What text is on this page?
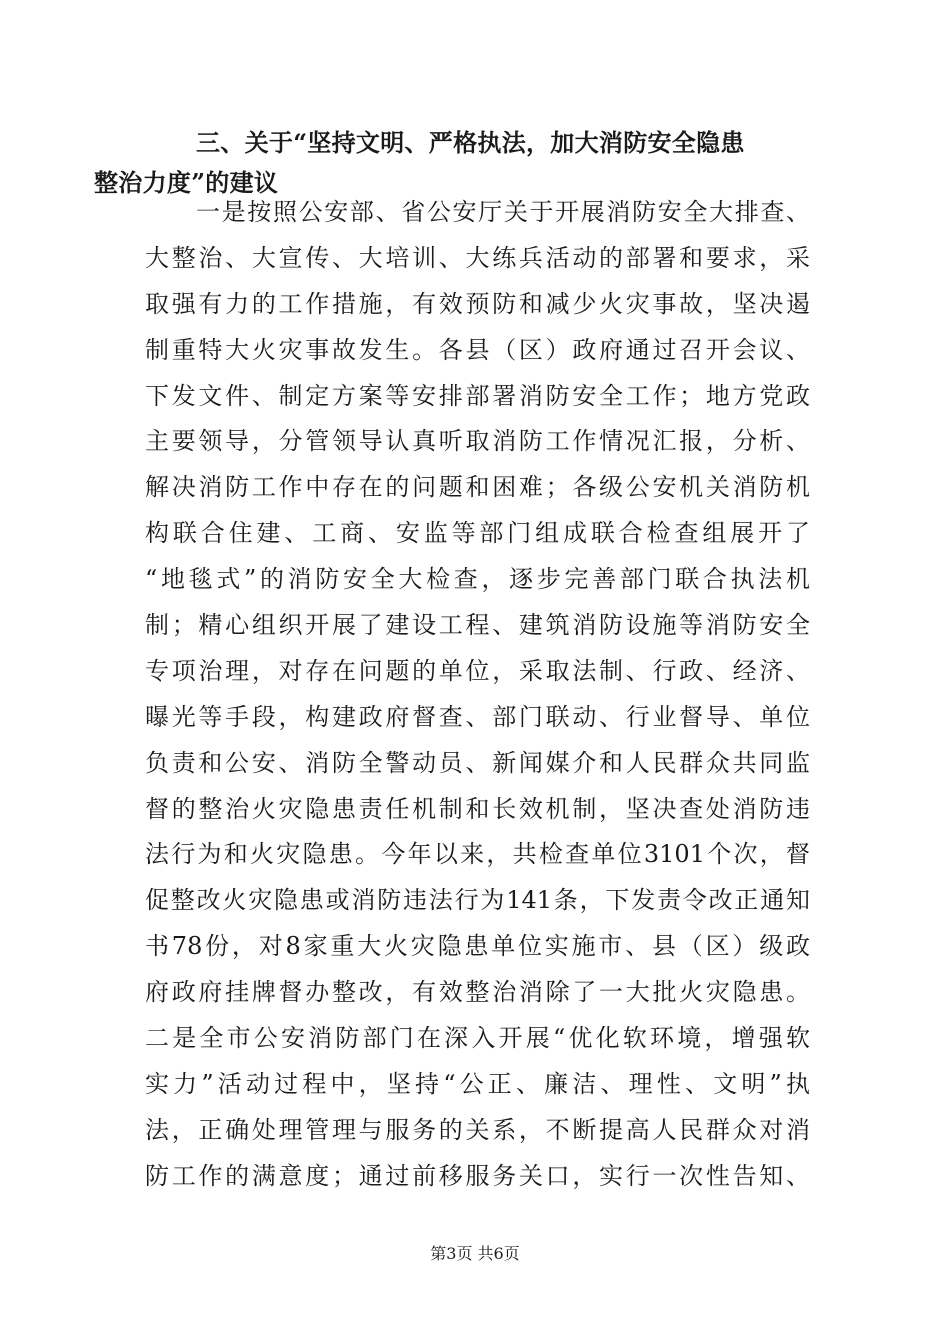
三、关于“坚持文明、严格执法，加大消防安全隐患
整治力度”的建议
一是按照公安部、省公安厅关于开展消防安全大排查、
大整治、大宣传、大培训、大练兵活动的部署和要求，采
取强有力的工作措施，有效预防和减少火灾事故，坚决遏
制重特大火灾事故发生。各县（区）政府通过召开会议、
下发文件、制定方案等安排部署消防安全工作；地方党政
主要领导，分管领导认真听取消防工作情况汇报，分析、
解决消防工作中存在的问题和困难；各级公安机关消防机
构联合住建、工商、安监等部门组成联合检查组展开了
“地毯式”的消防安全大检查，逐步完善部门联合执法机
制；精心组织开展了建设工程、建筑消防设施等消防安全
专项治理，对存在问题的单位，采取法制、行政、经济、
曝光等手段，构建政府督查、部门联动、行业督导、单位
负责和公安、消防全警动员、新闻媒介和人民群众共同监
督的整治火灾隐患责任机制和长效机制，坚决查处消防违
法行为和火灾隐患。今年以来，共检查单位3101个次，督
促整改火灾隐患或消防违法行为141条，下发责令改正通知
书78份，对8家重大火灾隐患单位实施市、县（区）级政
府政府挂牌督办整改，有效整治消除了一大批火灾隐患。
二是全市公安消防部门在深入开展“优化软环境，增强软
实力”活动过程中，坚持“公正、廉洁、理性、文明”执
法，正确处理管理与服务的关系，不断提高人民群众对消
防工作的满意度；通过前移服务关口，实行一次性告知、
第3页 共6页
